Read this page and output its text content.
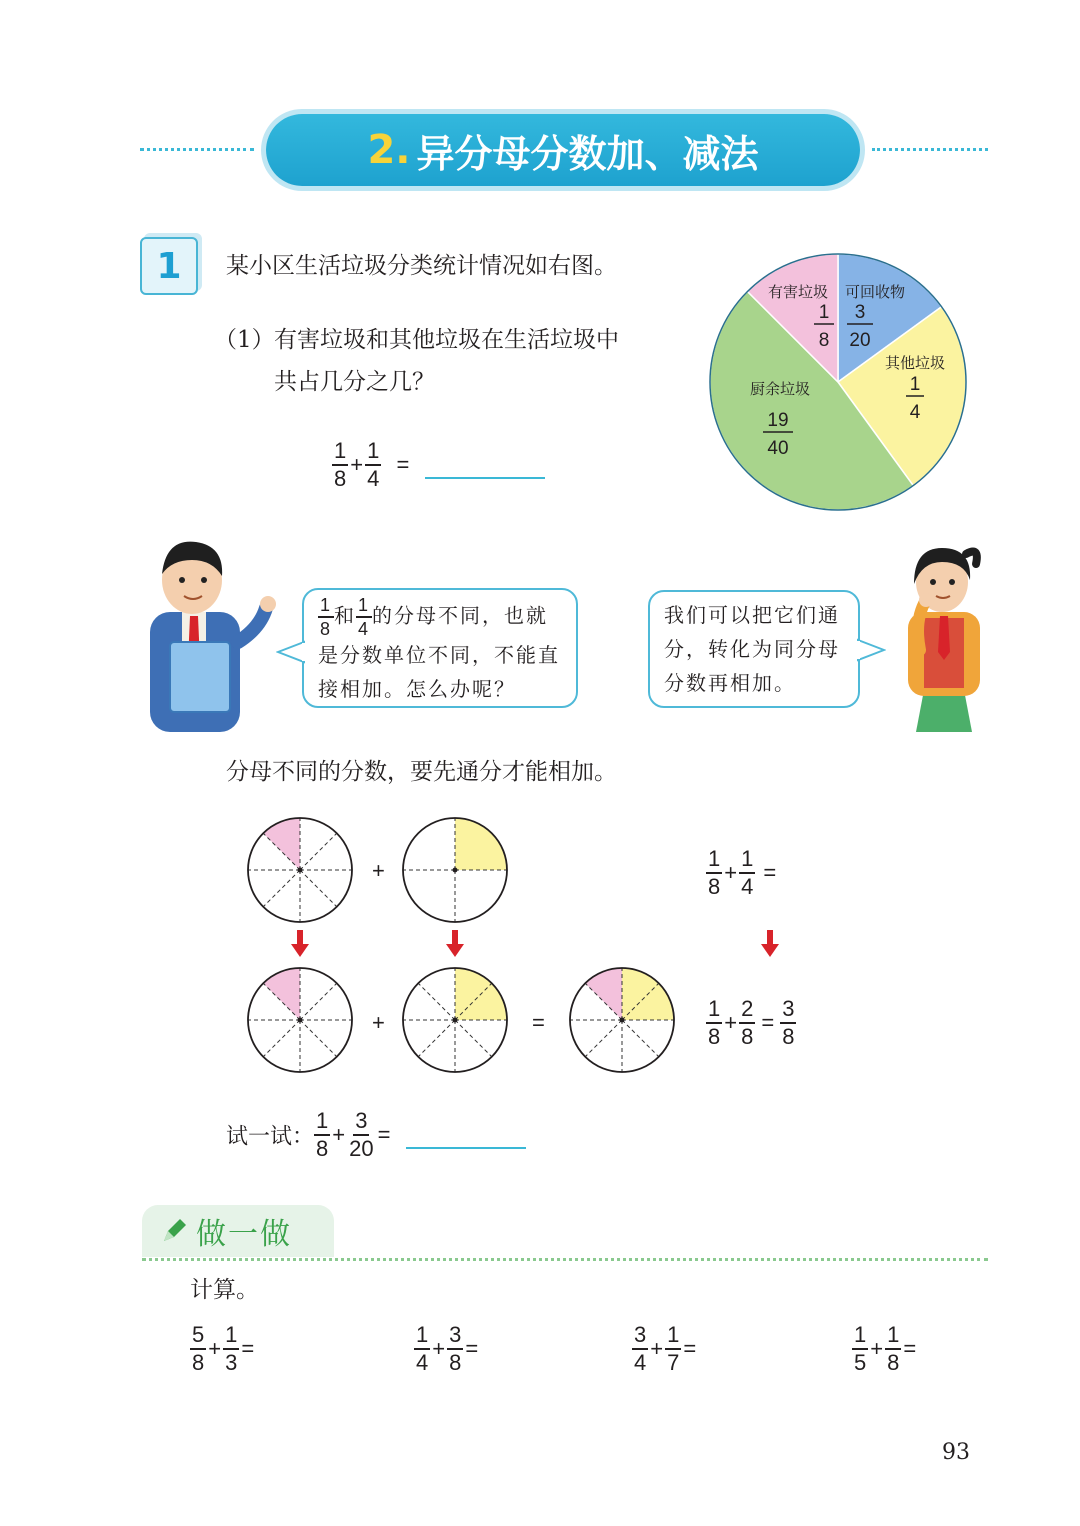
2. 异分母分数加、减法
1	某小区生活垃圾分类统计情况如右图。
（1） 有害垃圾和其他垃圾在生活垃圾中
共占几分之几？
$\frac{1}{8} + \frac{1}{4}$ =
有害垃圾
1
8
可回收物
3
20
其他垃圾
1
4
厨余垃圾
19
40
$\frac{1}{8}$ 和 $\frac{1}{4}$ 的分母不同，也就
是分数单位不同，不能直
接相加。怎么办呢？
我们可以把它们通
分，转化为同分母
分数再相加。
分母不同的分数，要先通分才能相加。
+
+	=
$\frac{1}{8} + \frac{1}{4}$ =
$\frac{1}{8} + \frac{2}{8} = \frac{3}{8}$
试一试： $\frac{1}{8} + \frac{3}{20}$ =
做一做
计算。
$\frac{5}{8} + \frac{1}{3}$ =	$\frac{1}{4} + \frac{3}{8}$ =	$\frac{3}{4} + \frac{1}{7}$ =	$\frac{1}{5} + \frac{1}{8}$ =
93
